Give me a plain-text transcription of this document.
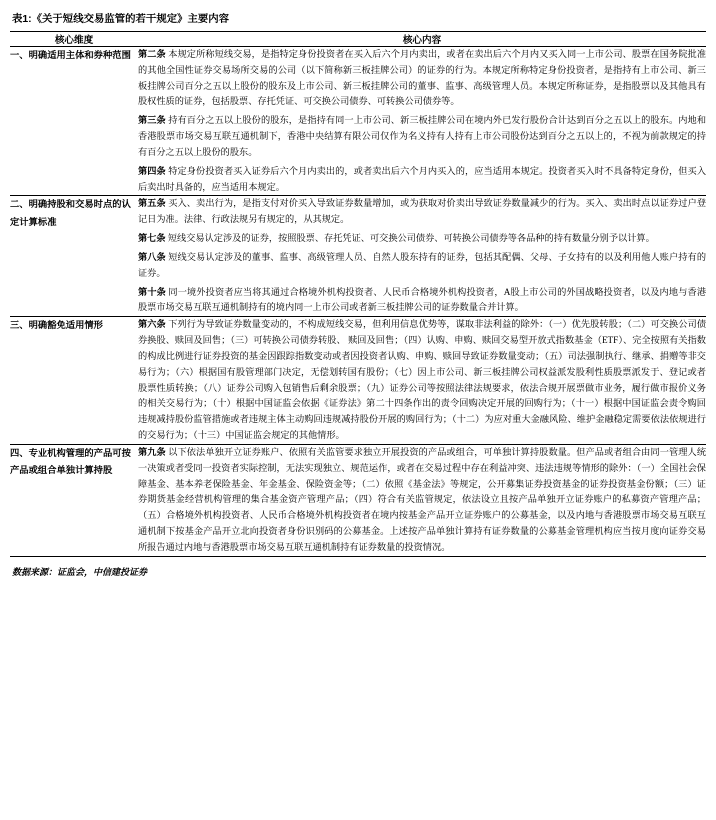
表1:《关于短线交易监管的若干规定》主要内容
核心维度	核心内容
一、明确适用主体和券种范围	第二条 本规定所称短线交易，是指特定身份投资者在买入后六个月内卖出，或者在卖出后六个月内又买入同一上市公司、股票在国务院批准的其他全国性证券交易场所交易的公司（以下简称新三板挂牌公司）的证券的行为。本规定所称特定身份投资者，是指持有上市公司、新三板挂牌公司百分之五以上股份的股东及上市公司、新三板挂牌公司的董事、监事、高级管理人员。本规定所称证券，是指股票以及其他具有股权性质的证券，包括股票、存托凭证、可交换公司债券、可转换公司债券等。

第三条 持有百分之五以上股份的股东，是指持有同一上市公司、新三板挂牌公司在境内外已发行股份合计达到百分之五以上的股东。内地和香港股票市场交易互联互通机制下，香港中央结算有限公司仅作为名义持有人持有上市公司股份达到百分之五以上的，不视为前款规定的持有百分之五以上股份的股东。

第四条 特定身份投资者买入证券后六个月内卖出的，或者卖出后六个月内买入的，应当适用本规定。投资者买入时不具备特定身份，但买入后卖出时具备的，应当适用本规定。

二、明确持股和交易时点的认定计算标准	第五条 买入、卖出行为，是指支付对价买入导致证券数量增加，或为获取对价卖出导致证券数量减少的行为。买入、卖出时点以证券过户登记日为准。法律、行政法规另有规定的，从其规定。

第七条 短线交易认定涉及的证券，按照股票、存托凭证、可交换公司债券、可转换公司债券等各品种的持有数量分别予以计算。

第八条 短线交易认定涉及的董事、监事、高级管理人员、自然人股东持有的证券，包括其配偶、父母、子女持有的以及利用他人账户持有的证券。

第十条 同一境外投资者应当将其通过合格境外机构投资者、人民币合格境外机构投资者，A股上市公司的外国战略投资者，以及内地与香港股票市场交易互联互通机制持有的境内同一上市公司或者新三板挂牌公司的证券数量合并计算。

三、明确豁免适用情形	第六条 下列行为导致证券数量变动的，不构成短线交易，但利用信息优势等，谋取非法利益的除外：（一）优先股转股；（二）可交换公司债券换股、赎回及回售；（三）可转换公司债券转股、 赎回及回售；（四）认购、申购、赎回交易型开放式指数基金（ETF）、完全按照有关指数的构成比例进行证券投资的基金因跟踪指数变动或者因投资者认购、申购、赎回导致证券数量变动；（五）司法强制执行、继承、捐赠等非交易行为；（六）根据国有股管理部门决定，无偿划转国有股份；（七）因上市公司、新三板挂牌公司权益派发股利性质股票派发于、登记或者股票性质转换；（八）证券公司购入包销售后剩余股票；（九）证券公司等按照法律法规要求，依法合规开展票做市业务，履行做市报价义务的相关交易行为；（十）根据中国证监会依据《证券法》第二十四条作出的责令回购决定开展的回购行为；（十一）根据中国证监会责令购回违规减持股份监管措施或者违规主体主动购回违规减持股份开展的购回行为；（十二）为应对重大金融风险、维护金融稳定需要依法依规进行的交易行为；（十三）中国证监会规定的其他情形。

四、专业机构管理的产品可按产品或组合单独计算持股	第九条 以下依法单独开立证券账户、依照有关监管要求独立开展投资的产品或组合，可单独计算持股数量。但产品或者组合由同一管理人统一决策或者受同一投资者实际控制，无法实现独立、规范运作，或者在交易过程中存在利益冲突、违法违规等情形的除外：（一）全国社会保障基金、基本养老保险基金、年金基金、保险资金等；（二）依照《基金法》等规定，公开募集证券投资基金的证券投资基金份额；（三）证券期货基金经营机构管理的集合基金资产管理产品；（四）符合有关监管规定，依法设立且按产品单独开立证券账户的私募资产管理产品；（五）合格境外机构投资者、人民币合格境外机构投资者在境内按基金产品开立证券账户的公募基金，以及内地与香港股票市场交易互联互通机制下按基金产品开立北向投资者身份识别码的公募基金。上述按产品单独计算持有证券数量的公募基金管理机构应当按月度向证券交易所报告通过内地与香港股票市场交易互联互通机制持有证券数量的投资情况。

数据来源：证监会，中信建投证券
